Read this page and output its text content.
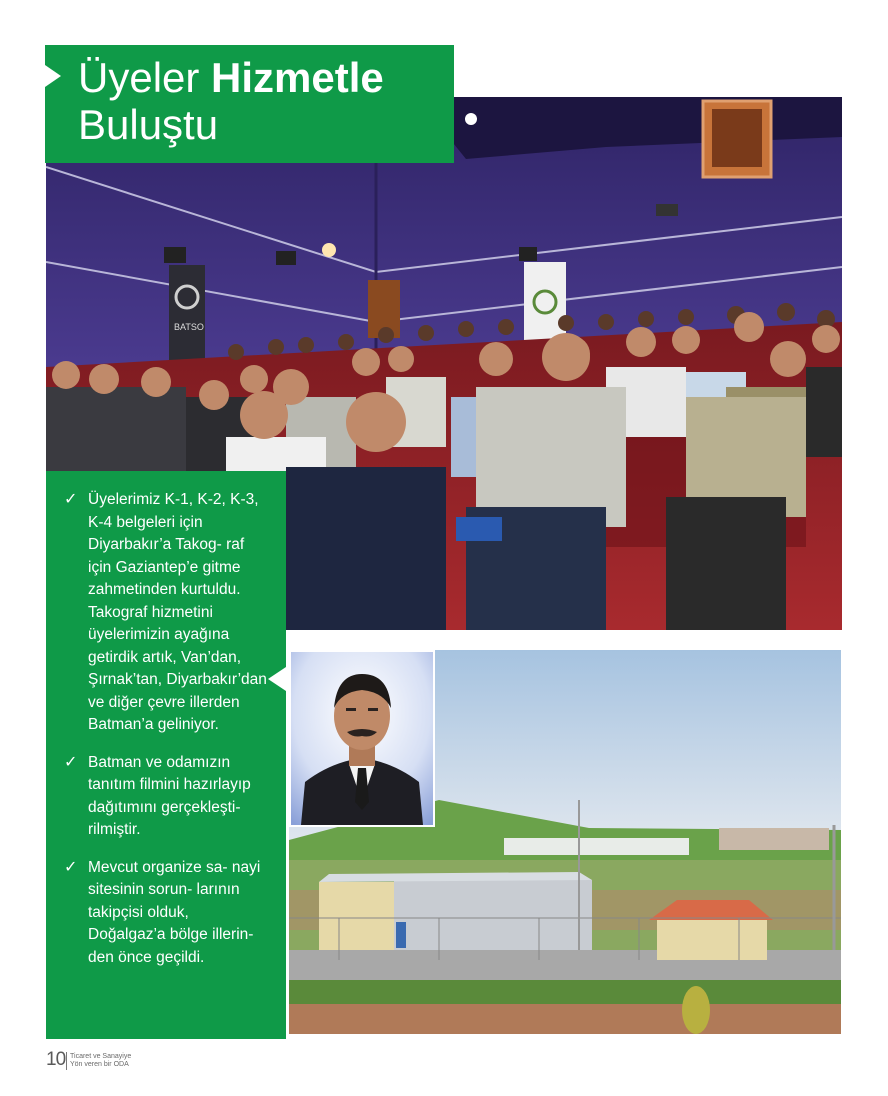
Üyeler Hizmetle
Buluştu
BATSO
✓ Üyelerimiz K-1, K-2, K-3, K-4 belgeleri için Diyarbakır’a Takog- raf için Gaziantep’e gitme zahmetinden kurtuldu. Takograf hizmetini üyelerimizin ayağına getirdik artık, Van’dan, Şırnak’tan, Diyarbakır’dan ve diğer çevre illerden Batman’a geliniyor.
✓ Batman ve odamızın tanıtım filmini hazırlayıp dağıtımını gerçekleşti- rilmiştir.
✓ Mevcut organize sa- nayi sitesinin sorun- larının takipçisi olduk, Doğalgaz’a bölge illerin- den önce geçildi.
10 Ticaret ve Sanayiye
Yön veren bir ODA
